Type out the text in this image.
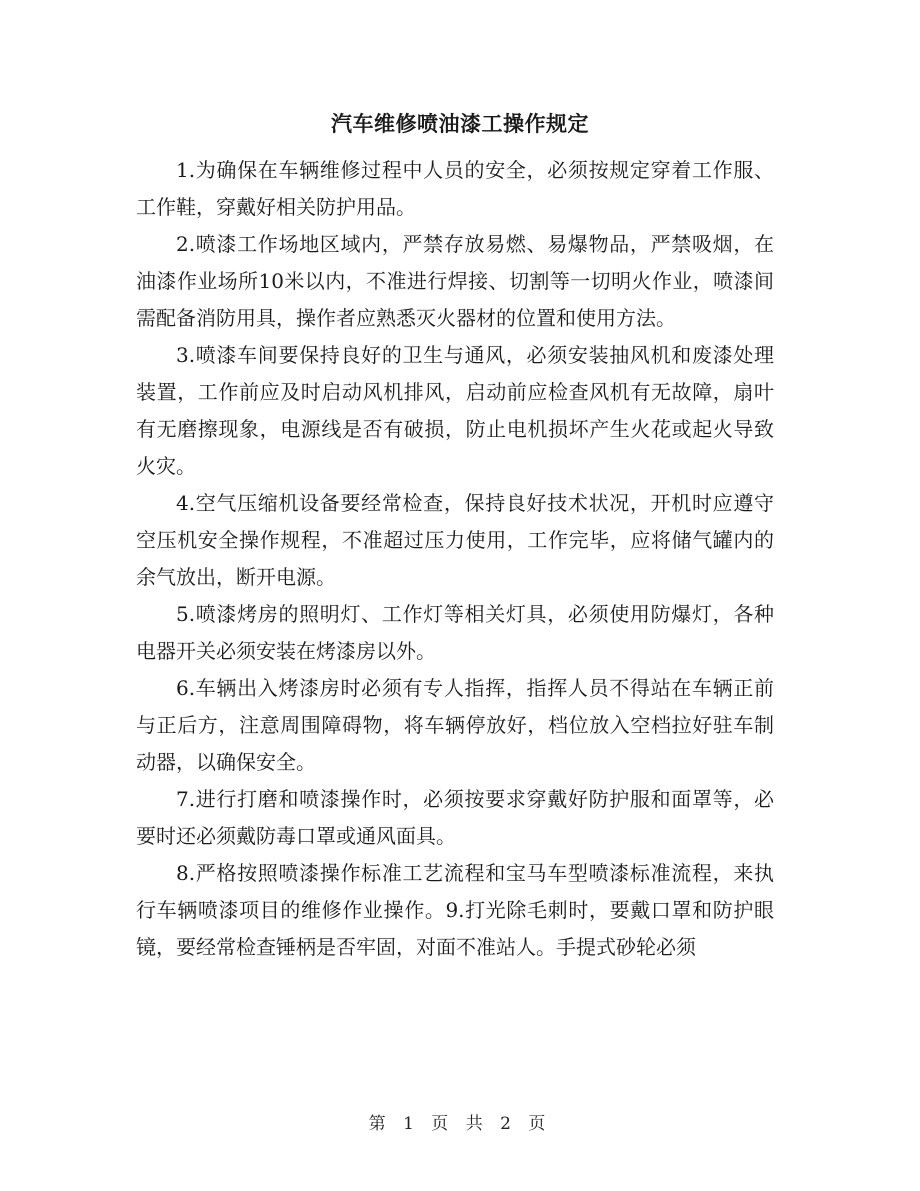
汽车维修喷油漆工操作规定

1.为确保在车辆维修过程中人员的安全，必须按规定穿着工作服、工作鞋，穿戴好相关防护用品。

2.喷漆工作场地区域内，严禁存放易燃、易爆物品，严禁吸烟，在油漆作业场所10米以内，不准进行焊接、切割等一切明火作业，喷漆间需配备消防用具，操作者应熟悉灭火器材的位置和使用方法。

3.喷漆车间要保持良好的卫生与通风，必须安装抽风机和废漆处理装置，工作前应及时启动风机排风，启动前应检查风机有无故障，扇叶有无磨擦现象，电源线是否有破损，防止电机损坏产生火花或起火导致火灾。

4.空气压缩机设备要经常检查，保持良好技术状况，开机时应遵守空压机安全操作规程，不准超过压力使用，工作完毕，应将储气罐内的余气放出，断开电源。

5.喷漆烤房的照明灯、工作灯等相关灯具，必须使用防爆灯，各种电器开关必须安装在烤漆房以外。

6.车辆出入烤漆房时必须有专人指挥，指挥人员不得站在车辆正前与正后方，注意周围障碍物，将车辆停放好，档位放入空档拉好驻车制动器，以确保安全。

7.进行打磨和喷漆操作时，必须按要求穿戴好防护服和面罩等，必要时还必须戴防毒口罩或通风面具。

8.严格按照喷漆操作标准工艺流程和宝马车型喷漆标准流程，来执行车辆喷漆项目的维修作业操作。9.打光除毛刺时，要戴口罩和防护眼镜，要经常检查锤柄是否牢固，对面不准站人。手提式砂轮必须

第 1 页 共 2 页
